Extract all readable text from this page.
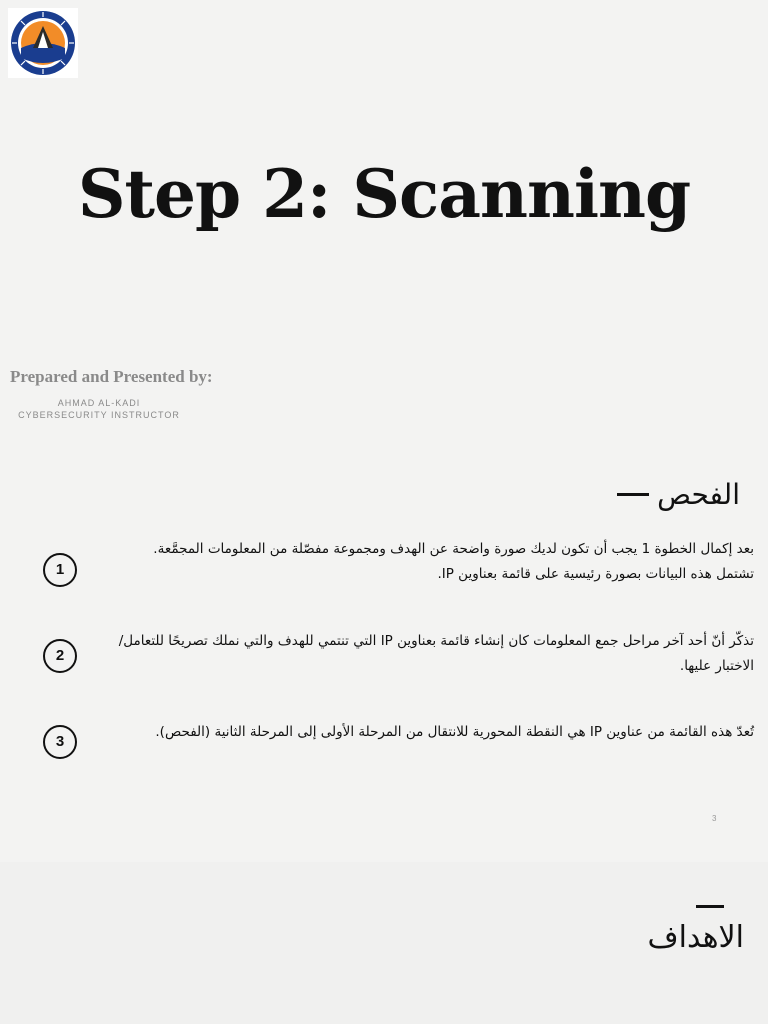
Step 2: Scanning
Prepared and Presented by:
AHMAD AL-KADI
CYBERSECURITY INSTRUCTOR
الفحص
1
بعد إكمال الخطوة 1 يجب أن تكون لديك صورة واضحة عن الهدف ومجموعة مفصّلة من المعلومات المجمَّعة. تشتمل هذه البيانات بصورة رئيسية على قائمة بعناوين IP.
2
تذكّر أنّ أحد آخر مراحل جمع المعلومات كان إنشاء قائمة بعناوين IP التي تنتمي للهدف والتي نملك تصريحًا للتعامل/الاختبار عليها.
3
تُعدّ هذه القائمة من عناوين IP هي النقطة المحورية للانتقال من المرحلة الأولى إلى المرحلة الثانية (الفحص).
3
الاهداف
